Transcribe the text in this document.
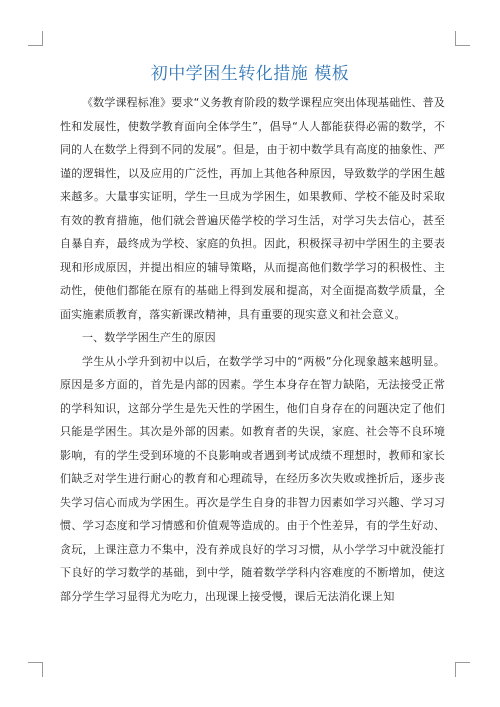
初中学困生转化措施 模板

《数学课程标准》要求“义务教育阶段的数学课程应突出体现基础性、普及性和发展性，使数学教育面向全体学生”，倡导“人人都能获得必需的数学，不同的人在数学上得到不同的发展”。但是，由于初中数学具有高度的抽象性、严谨的逻辑性，以及应用的广泛性，再加上其他各种原因，导致数学的学困生越来越多。大量事实证明，学生一旦成为学困生，如果教师、学校不能及时采取有效的教育措施，他们就会普遍厌倦学校的学习生活，对学习失去信心，甚至自暴自弃，最终成为学校、家庭的负担。因此，积极探寻初中学困生的主要表现和形成原因，并提出相应的辅导策略，从而提高他们数学学习的积极性、主动性，使他们都能在原有的基础上得到发展和提高，对全面提高数学质量，全面实施素质教育，落实新课改精神，具有重要的现实意义和社会意义。

一、数学学困生产生的原因

学生从小学升到初中以后，在数学学习中的“两极”分化现象越来越明显。原因是多方面的，首先是内部的因素。学生本身存在智力缺陷，无法接受正常的学科知识，这部分学生是先天性的学困生，他们自身存在的问题决定了他们只能是学困生。其次是外部的因素。如教育者的失误，家庭、社会等不良环境影响，有的学生受到环境的不良影响或者遇到考试成绩不理想时，教师和家长们缺乏对学生进行耐心的教育和心理疏导，在经历多次失败或挫折后，逐步丧失学习信心而成为学困生。再次是学生自身的非智力因素如学习兴趣、学习习惯、学习态度和学习情感和价值观等造成的。由于个性差异，有的学生好动、贪玩，上课注意力不集中，没有养成良好的学习习惯，从小学学习中就没能打下良好的学习数学的基础，到中学，随着数学学科内容难度的不断增加，使这部分学生学习显得尤为吃力，出现课上接受慢，课后无法消化课上知
